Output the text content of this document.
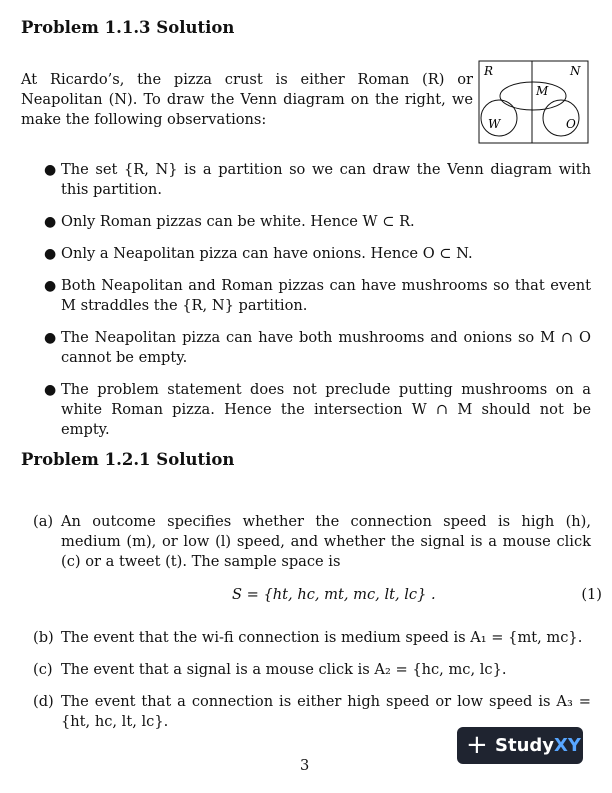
Problem 1.1.3 Solution

At Ricardo’s, the pizza crust is either Roman (R) or Neapolitan (N). To draw the Venn diagram on the right, we make the following observations:

R	N
M
W	O
● The set {R, N} is a partition so we can draw the Venn diagram with this partition.
● Only Roman pizzas can be white. Hence W ⊂ R.
● Only a Neapolitan pizza can have onions. Hence O ⊂ N.
● Both Neapolitan and Roman pizzas can have mushrooms so that event M straddles the {R, N} partition.
● The Neapolitan pizza can have both mushrooms and onions so M ∩ O cannot be empty.
● The problem statement does not preclude putting mushrooms on a white Roman pizza. Hence the intersection W ∩ M should not be empty.
Problem 1.2.1 Solution
(a) An outcome specifies whether the connection speed is high (h), medium (m), or low (l) speed, and whether the signal is a mouse click (c) or a tweet (t). The sample space is
S = {ht, hc, mt, mc, lt, lc} .	(1)
(b) The event that the wi-fi connection is medium speed is A₁ = {mt, mc}.
(c) The event that a signal is a mouse click is A₂ = {hc, mc, lc}.
(d) The event that a connection is either high speed or low speed is A₃ = {ht, hc, lt, lc}.
+ StudyXY
3
